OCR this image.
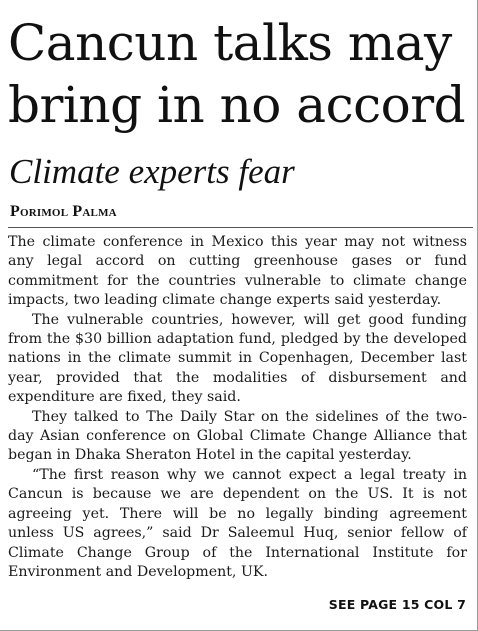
Cancun talks may bring in no accord
Climate experts fear
Porimol Palma

The climate conference in Mexico this year may not witness any legal accord on cutting greenhouse gases or fund commitment for the countries vulnerable to climate change impacts, two leading climate change experts said yesterday.

The vulnerable countries, however, will get good funding from the $30 billion adaptation fund, pledged by the developed nations in the climate summit in Copenhagen, December last year, provided that the modalities of disbursement and expenditure are fixed, they said.

They talked to The Daily Star on the sidelines of the two-day Asian conference on Global Climate Change Alliance that began in Dhaka Sheraton Hotel in the capital yesterday.

“The first reason why we cannot expect a legal treaty in Cancun is because we are dependent on the US. It is not agreeing yet. There will be no legally binding agreement unless US agrees,” said Dr Saleemul Huq, senior fellow of Climate Change Group of the International Institute for Environment and Development, UK.

SEE PAGE 15 COL 7
